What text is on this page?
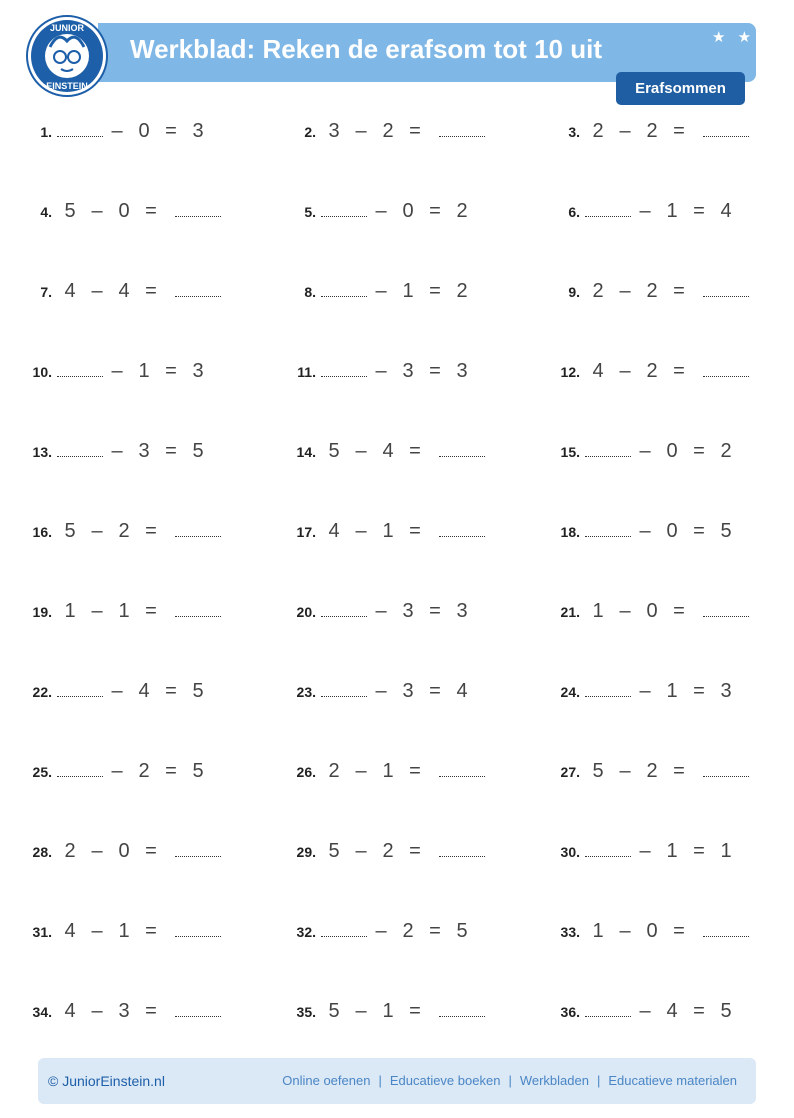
JUNIOR
EINSTEIN
Werkblad: Reken de erafsom tot 10 uit	★ ★
Erafsommen
1.	– 0 = 3	2. 3 – 2 =	3. 2 – 2 =
4. 5 – 0 =	5.	– 0 = 2	6.	– 1 = 4
7. 4 – 4 =	8.	– 1 = 2	9. 2 – 2 =
10.	– 1 = 3	11.	– 3 = 3	12. 4 – 2 =
13.	– 3 = 5	14. 5 – 4 =	15.	– 0 = 2
16. 5 – 2 =	17. 4 – 1 =	18.	– 0 = 5
19. 1 – 1 =	20.	– 3 = 3	21. 1 – 0 =
22.	– 4 = 5	23.	– 3 = 4	24.	– 1 = 3
25.	– 2 = 5	26. 2 – 1 =	27. 5 – 2 =
28. 2 – 0 =	29. 5 – 2 =	30.	– 1 = 1
31. 4 – 1 =	32.	– 2 = 5	33. 1 – 0 =
34. 4 – 3 =	35. 5 – 1 =	36.	– 4 = 5
© JuniorEinstein.nl	Online oefenen | Educatieve boeken | Werkbladen | Educatieve materialen
